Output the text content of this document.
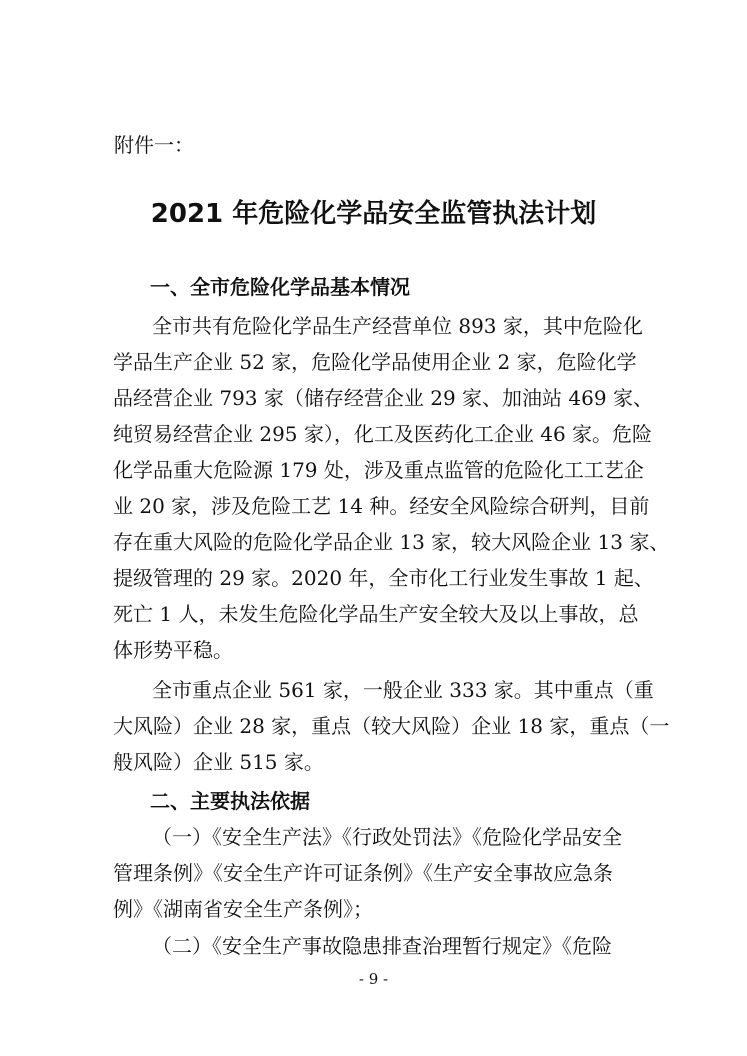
附件一：
2021 年危险化学品安全监管执法计划
一、全市危险化学品基本情况
全市共有危险化学品生产经营单位 893 家，其中危险化
学品生产企业 52 家，危险化学品使用企业 2 家，危险化学
品经营企业 793 家（储存经营企业 29 家、加油站 469 家、
纯贸易经营企业 295 家），化工及医药化工企业 46 家。危险
化学品重大危险源 179 处，涉及重点监管的危险化工工艺企
业 20 家，涉及危险工艺 14 种。经安全风险综合研判，目前
存在重大风险的危险化学品企业 13 家，较大风险企业 13 家、
提级管理的 29 家。2020 年，全市化工行业发生事故 1 起、
死亡 1 人，未发生危险化学品生产安全较大及以上事故，总
体形势平稳。
全市重点企业 561 家，一般企业 333 家。其中重点（重
大风险）企业 28 家，重点（较大风险）企业 18 家，重点（一
般风险）企业 515 家。
二、主要执法依据
（一）《安全生产法》《行政处罚法》《危险化学品安全
管理条例》《安全生产许可证条例》《生产安全事故应急条
例》《湖南省安全生产条例》；
（二）《安全生产事故隐患排查治理暂行规定》《危险
- 9 -
